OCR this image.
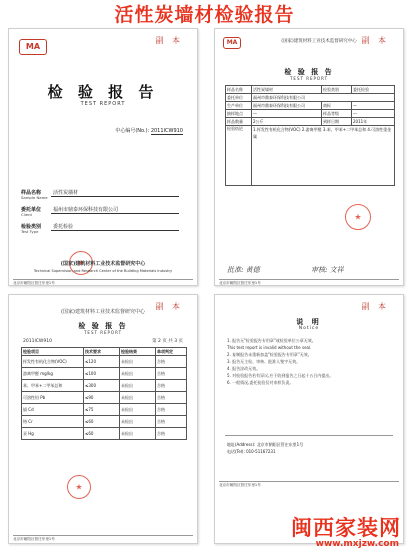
活性炭墙材检验报告
副 本
MA
检 验 报 告
TEST REPORT
中心编号(No.): 2011ICW910
样品名称
Sample Name
活性炭墙材
委托单位
Client
福州市鼎泰环保科技有限公司
检验类别
Test Type
委托检验
★
(国家)建筑材料工业技术监督研究中心
Technical Supervision and Research Center of the Building Materials Industry
北京市朝阳区管庄东里1号
副 本
MA	(国家)建筑材料工业技术监督研究中心
检 验 报 告
TEST REPORT
样品名称	活性炭墙材	检验类别	委托检验
委托单位	福州市鼎泰环保科技有限公司		
生产单位	福州市鼎泰环保科技有限公司	商标	—
抽样地点	—	样品等级	—
样品数量	2公斤	到样日期	2011年
检验结论	1.挥发性有机化合物(VOC) 2.游离甲醛 3.苯、甲苯+二甲苯总和 4.可溶性重金属		
★
批准: 黄德	审核: 文祥
北京市朝阳区管庄东里1号
副 本
(国家)建筑材料工业技术监督研究中心
检 验 报 告
TEST REPORT
2011ICW910	第 2 页 共 3 页
检验项目	技术要求	检验结果	单项判定
挥发性有机化合物(VOC)	≤120	未检出	合格
游离甲醛 mg/kg	≤100	未检出	合格
苯、甲苯+二甲苯总和	≤300	未检出	合格
可溶性铅 Pb	≤90	未检出	合格
镉 Cd	≤75	未检出	合格
铬 Cr	≤60	未检出	合格
汞 Hg	≤60	未检出	合格
★
北京市朝阳区管庄东里1号
副 本
说 明
Notice
1. 报告无"检验报告专用章"或检验单位公章无效。
This test report is invalid without the seal.
2. 复制报告未重新加盖"检验报告专用章"无效。
3. 报告无主检、审核、批准人签字无效。
4. 报告涂改无效。
5. 对检验报告若有异议,应于收到报告之日起十五日内提出。
6. 一般情况,委托检验仅对来样负责。
地址(Address): 北京市朝阳区管庄东里1号
电话(Tel): 010-51167231
北京市朝阳区管庄东里1号
闽西家装网
www.mxjzw.com
